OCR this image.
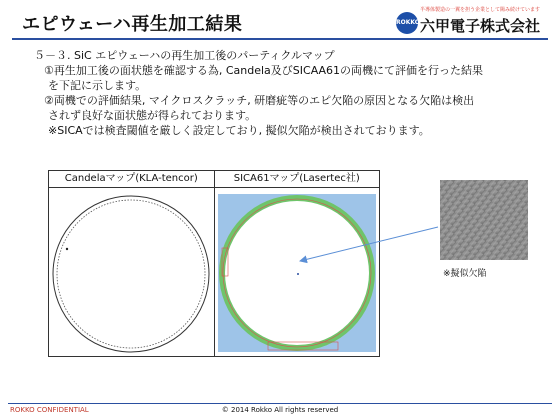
エピウェーハ再生加工結果
半導体製造の一翼を担う企業として陽み続けています
ROKKO 六甲電子株式会社
５－３. SiC エピウェーハの再生加工後のパーティクルマップ
①再生加工後の面状態を確認する為, Candela及びSICAA61の両機にて評価を行った結果
を下記に示します。
②両機での評価結果, マイクロスクラッチ, 研磨疵等のエピ欠陥の原因となる欠陥は検出
されず良好な面状態が得られております。
※SICAでは検査閾値を厳しく設定しており, 擬似欠陥が検出されております。
Candelaマップ(KLA-tencor)	SICA61マップ(Lasertec社)
※擬似欠陥
ROKKO CONFIDENTIAL	© 2014 Rokko All rights reserved
